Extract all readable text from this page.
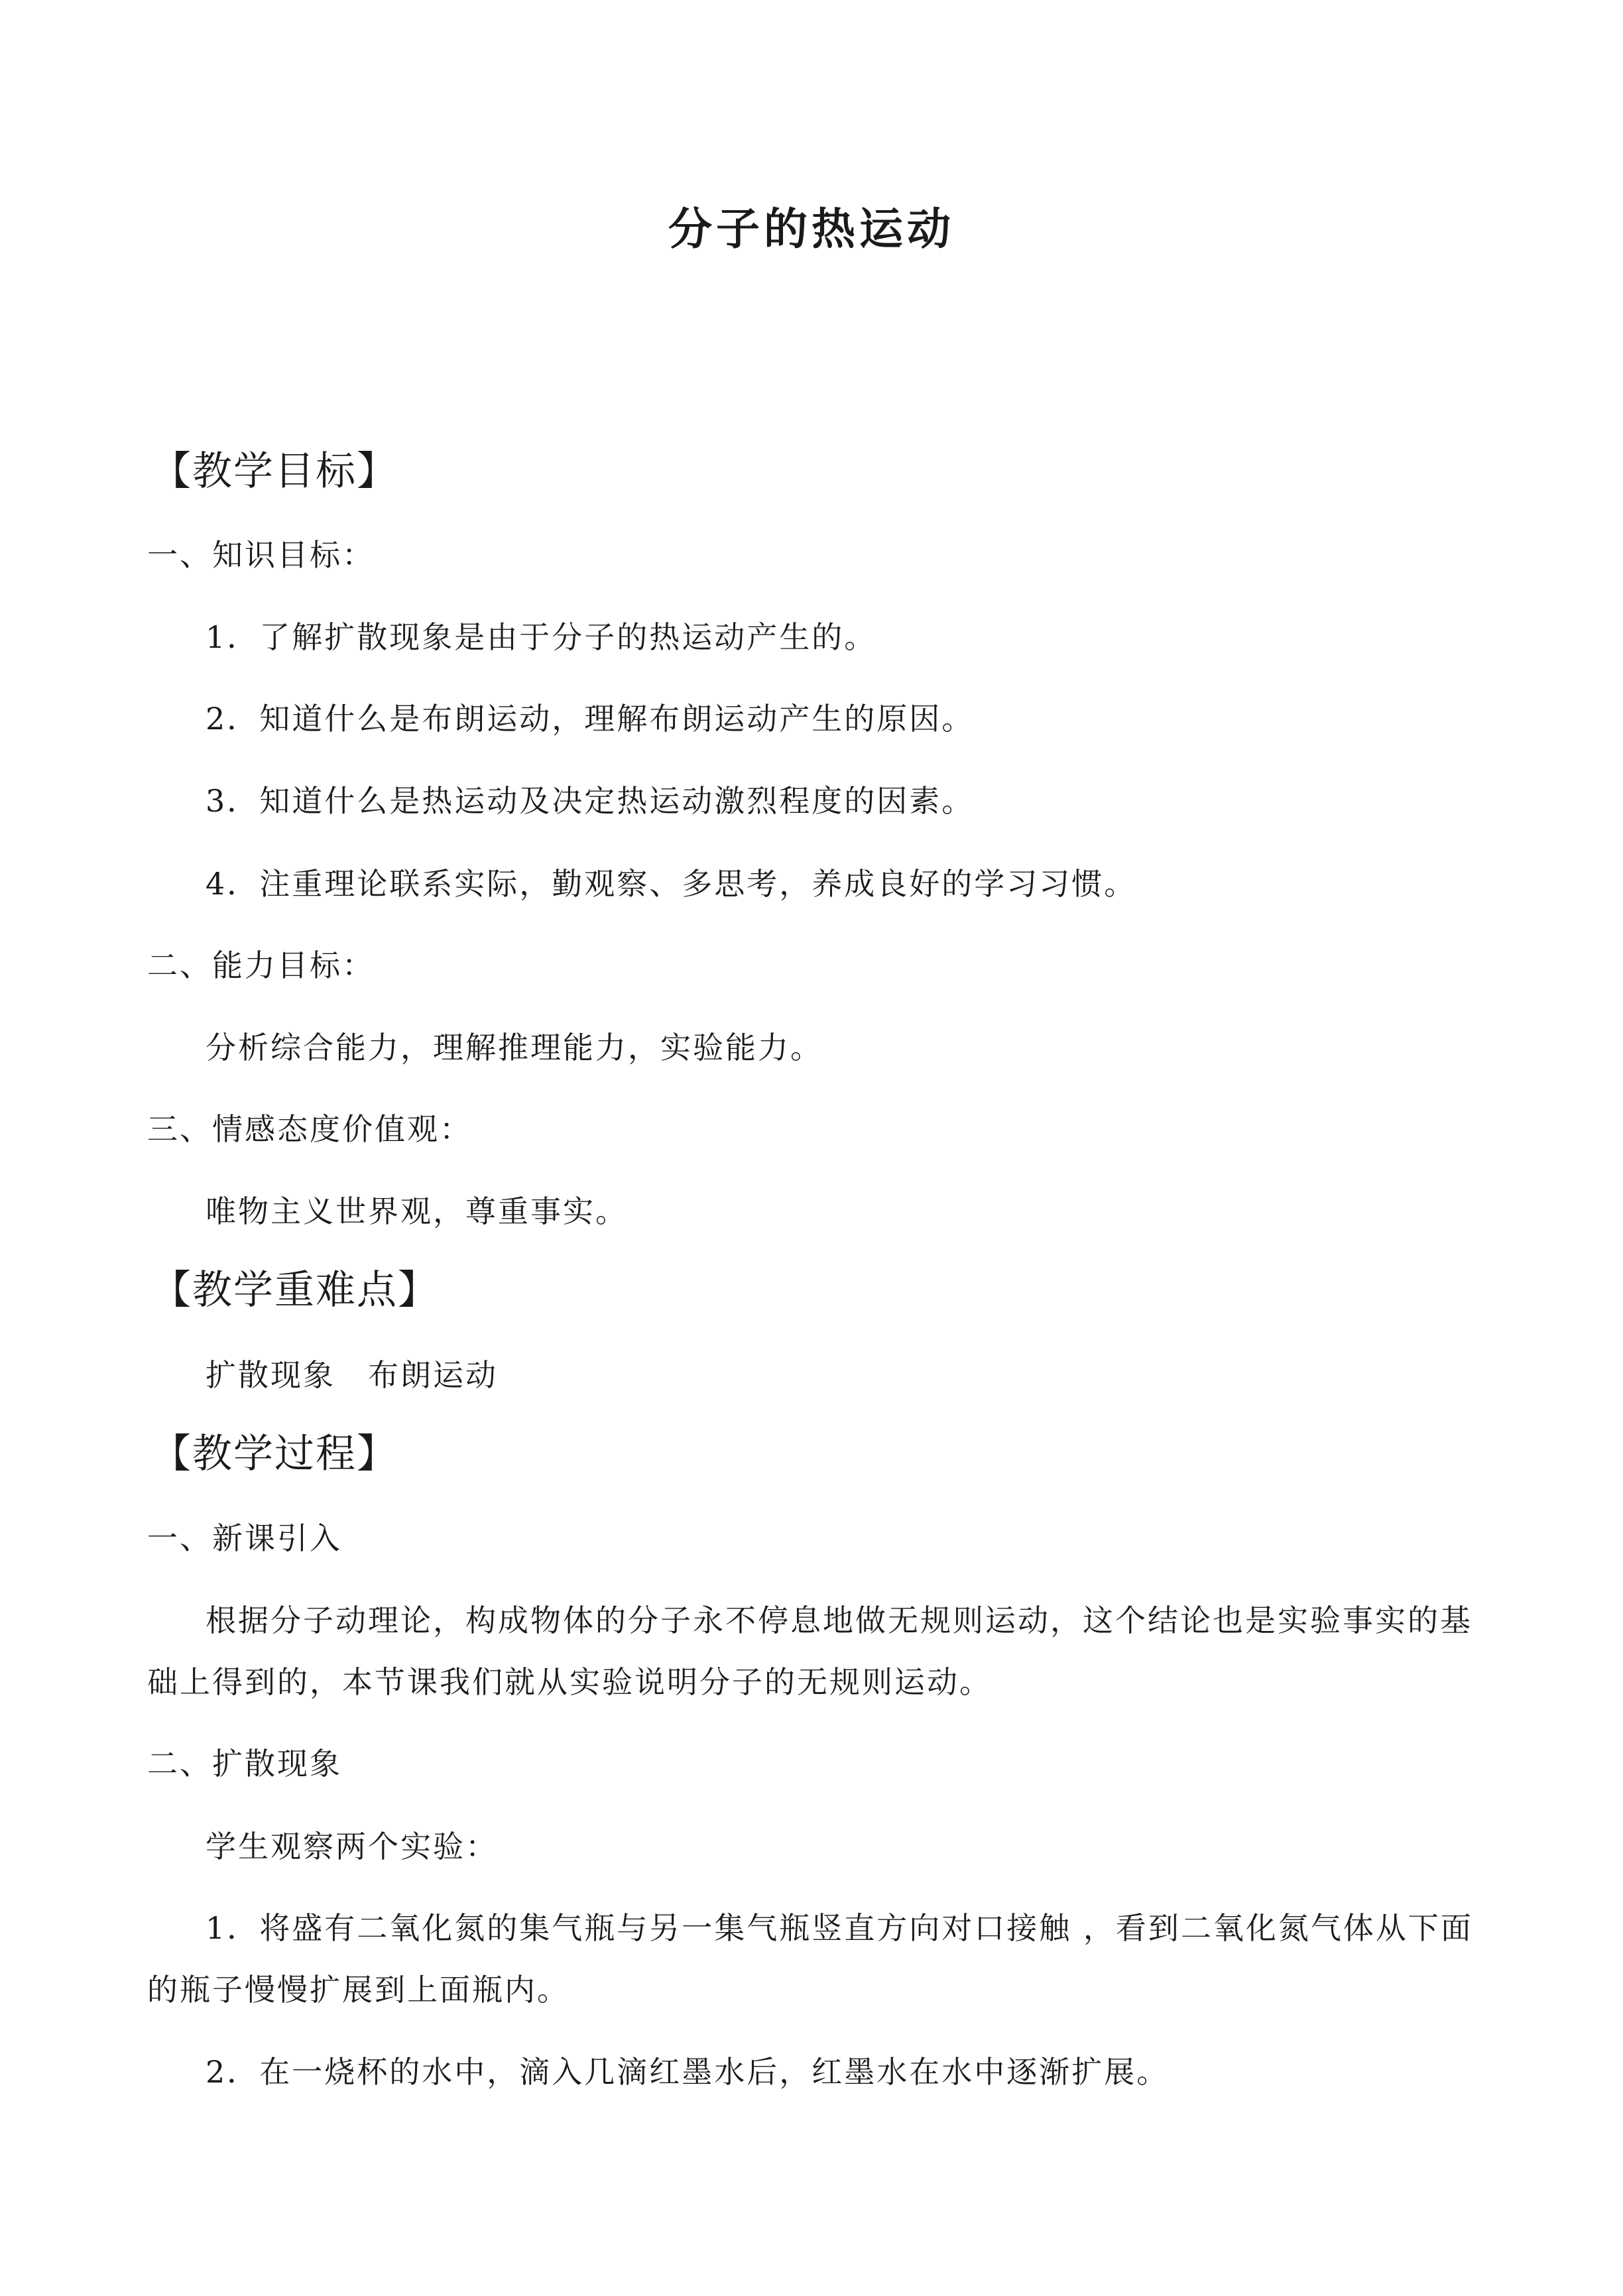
分子的热运动
【教学目标】
一、知识目标：
1．了解扩散现象是由于分子的热运动产生的。
2．知道什么是布朗运动，理解布朗运动产生的原因。
3．知道什么是热运动及决定热运动激烈程度的因素。
4．注重理论联系实际，勤观察、多思考，养成良好的学习习惯。
二、能力目标：
分析综合能力，理解推理能力，实验能力。
三、情感态度价值观：
唯物主义世界观，尊重事实。
【教学重难点】
扩散现象　布朗运动
【教学过程】
一、新课引入
根据分子动理论，构成物体的分子永不停息地做无规则运动，这个结论也是实验事实的基
础上得到的，本节课我们就从实验说明分子的无规则运动。
二、扩散现象
学生观察两个实验：
1．将盛有二氧化氮的集气瓶与另一集气瓶竖直方向对口接触 ，看到二氧化氮气体从下面
的瓶子慢慢扩展到上面瓶内。
2．在一烧杯的水中，滴入几滴红墨水后，红墨水在水中逐渐扩展。
